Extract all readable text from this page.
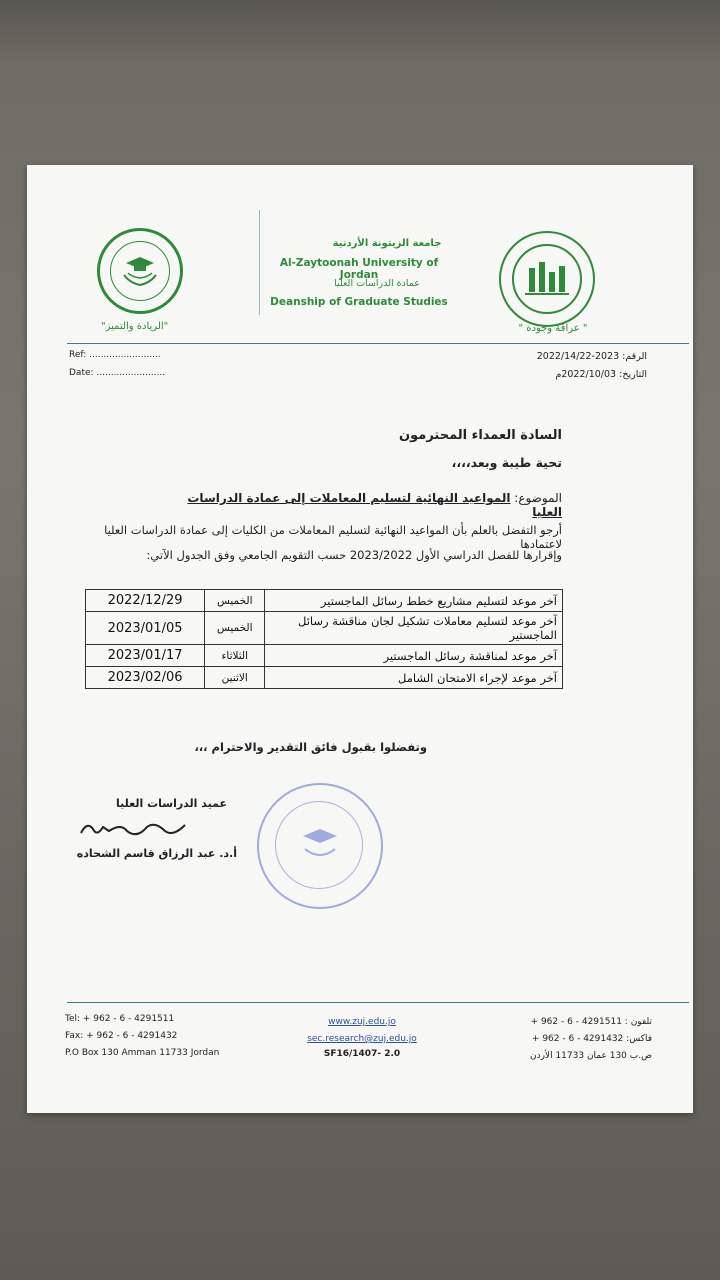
"الريادة والتميز"
جامعة الزيتونة الأردنية
Al-Zaytoonah University of Jordan
عمادة الدراسات العليا
Deanship of Graduate Studies
" عراقة وجودة "
Ref: .........................
Date: ........................
الرقم: 2023-2022/14/22
التاريخ: 2022/10/03م
السادة العمداء المحترمون
تحية طيبة وبعد،،،،
الموضوع: المواعيد النهائية لتسليم المعاملات إلى عمادة الدراسات العليا
أرجو التفضل بالعلم بأن المواعيد النهائية لتسليم المعاملات من الكليات إلى عمادة الدراسات العليا لاعتمادها
وإقرارها للفصل الدراسي الأول 2023/2022 حسب التقويم الجامعي وفق الجدول الآتي:
2022/12/29	الخميس	آخر موعد لتسليم مشاريع خطط رسائل الماجستير
2023/01/05	الخميس	آخر موعد لتسليم معاملات تشكيل لجان مناقشة رسائل الماجستير
2023/01/17	الثلاثاء	آخر موعد لمناقشة رسائل الماجستير
2023/02/06	الاثنين	آخر موعد لإجراء الامتحان الشامل
وتفضلوا بقبول فائق التقدير والاحترام ،،،
عميد الدراسات العليا
أ.د. عبد الرزاق قاسم الشحاده
Tel: + 962 - 6 - 4291511
Fax: + 962 - 6 - 4291432
P.O Box 130 Amman 11733 Jordan
www.zuj.edu.jo
sec.research@zuj.edu.jo
SF16/1407- 2.0
تلفون : 4291511 - 6 - 962 +
فاكس: 4291432 - 6 - 962 +
ص.ب 130 عمان 11733 الأردن
